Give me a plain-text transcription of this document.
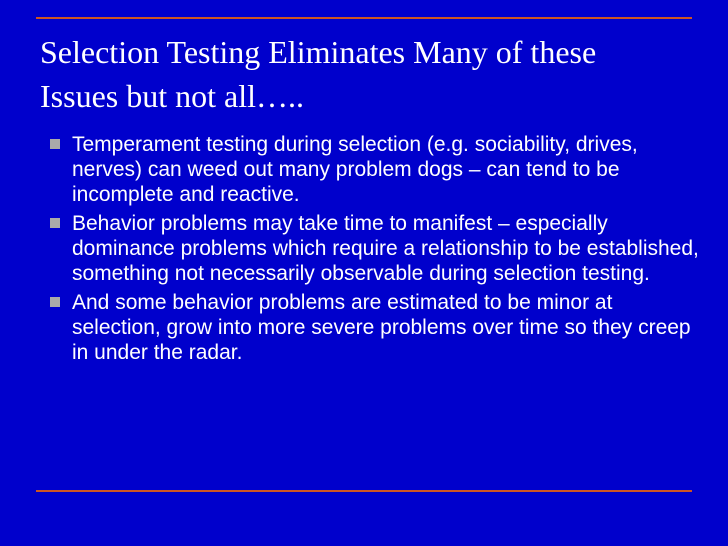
Selection Testing Eliminates Many of these Issues but not all…..
Temperament testing during selection (e.g. sociability, drives, nerves) can weed out many problem dogs – can tend to be incomplete and reactive.
Behavior problems may take time to manifest – especially dominance problems which require a relationship to be established, something not necessarily observable during selection testing.
And some behavior problems are estimated to be minor at selection, grow into more severe problems over time so they creep in under the radar.
